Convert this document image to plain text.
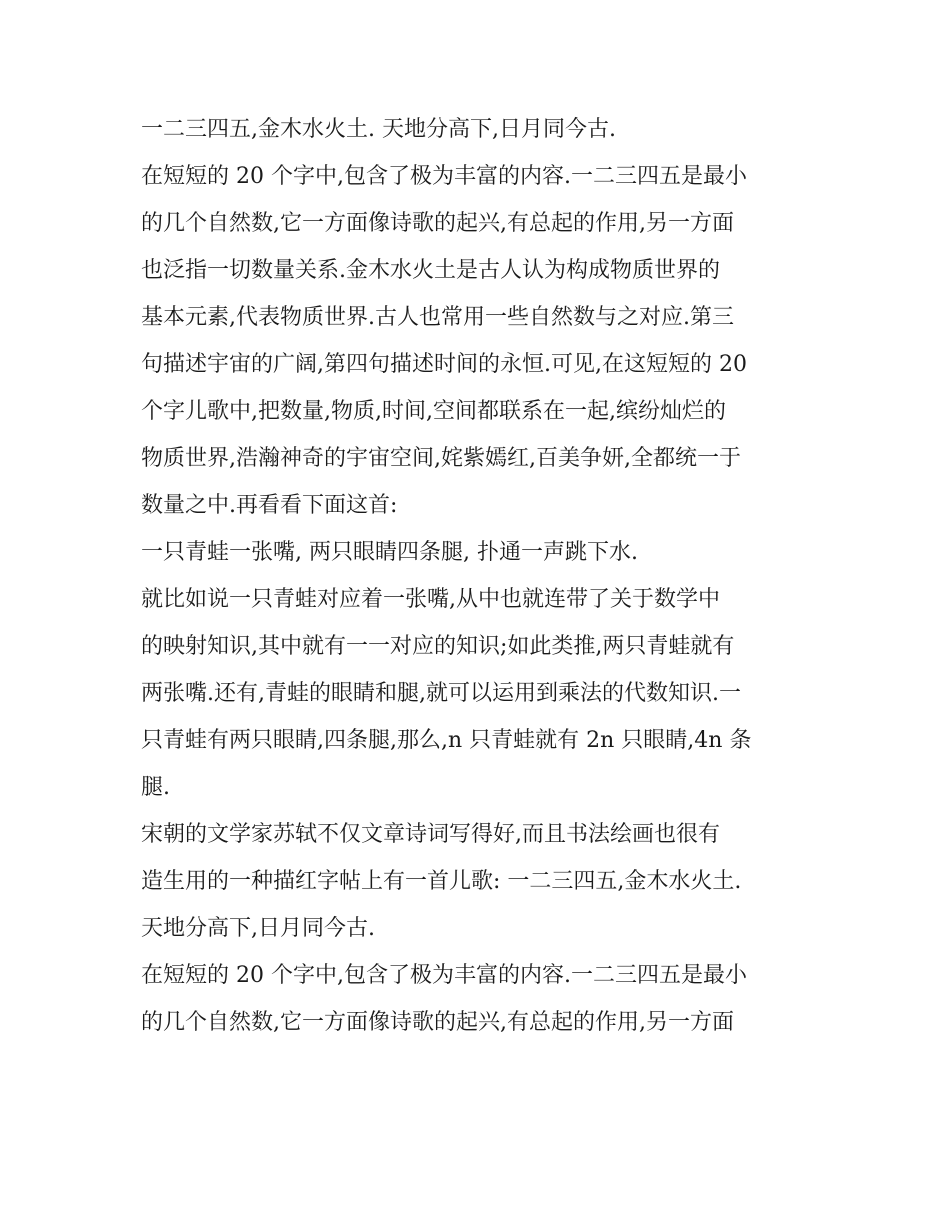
一二三四五,金木水火土. 天地分高下,日月同今古.
在短短的 20 个字中,包含了极为丰富的内容.一二三四五是最小
的几个自然数,它一方面像诗歌的起兴,有总起的作用,另一方面
也泛指一切数量关系.金木水火土是古人认为构成物质世界的
基本元素,代表物质世界.古人也常用一些自然数与之对应.第三
句描述宇宙的广阔,第四句描述时间的永恒.可见,在这短短的 20
个字儿歌中,把数量,物质,时间,空间都联系在一起,缤纷灿烂的
物质世界,浩瀚神奇的宇宙空间,姹紫嫣红,百美争妍,全都统一于
数量之中.再看看下面这首:
一只青蛙一张嘴, 两只眼睛四条腿, 扑通一声跳下水.
就比如说一只青蛙对应着一张嘴,从中也就连带了关于数学中
的映射知识,其中就有一一对应的知识;如此类推,两只青蛙就有
两张嘴.还有,青蛙的眼睛和腿,就可以运用到乘法的代数知识.一
只青蛙有两只眼睛,四条腿,那么,n 只青蛙就有 2n 只眼睛,4n 条
腿.
宋朝的文学家苏轼不仅文章诗词写得好,而且书法绘画也很有
造生用的一种描红字帖上有一首儿歌: 一二三四五,金木水火土.
天地分高下,日月同今古.
在短短的 20 个字中,包含了极为丰富的内容.一二三四五是最小
的几个自然数,它一方面像诗歌的起兴,有总起的作用,另一方面
